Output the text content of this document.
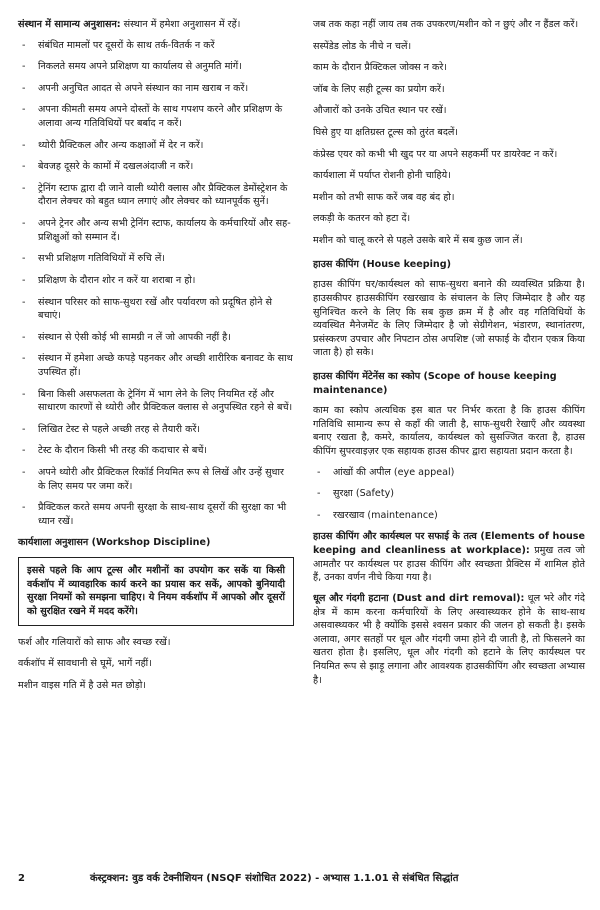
संस्थान में सामान्य अनुशासन: संस्थान में हमेशा अनुशासन में रहें।

- संबंधित मामलों पर दूसरों के साथ तर्क-वितर्क न करें
- निकलते समय अपने प्रशिक्षण या कार्यालय से अनुमति मांगें।
- अपनी अनुचित आदत से अपने संस्थान का नाम खराब न करें।
- अपना कीमती समय अपने दोस्तों के साथ गपशप करने और प्रशिक्षण के अलावा अन्य गतिविधियों पर बर्बाद न करें।
- थ्योरी प्रैक्टिकल और अन्य कक्षाओं में देर न करें।
- बेवजह दूसरे के कामों में दखलअंदाजी न करें।
- ट्रेनिंग स्टाफ द्वारा दी जाने वाली थ्योरी क्लास और प्रैक्टिकल डेमोंस्ट्रेशन के दौरान लेक्चर को बहुत ध्यान लगाएं और लेक्चर को ध्यानपूर्वक सुनें।
- अपने ट्रेनर और अन्य सभी ट्रेनिंग स्टाफ, कार्यालय के कर्मचारियों और सह-प्रशिक्षुओं को सम्मान दें।
- सभी प्रशिक्षण गतिविधियों में रुचि लें।
- प्रशिक्षण के दौरान शोर न करें या शराबा न हो।
- संस्थान परिसर को साफ-सुथरा रखें और पर्यावरण को प्रदूषित होने से बचाएं।
- संस्थान से ऐसी कोई भी सामग्री न लें जो आपकी नहीं है।
- संस्थान में हमेशा अच्छे कपड़े पहनकर और अच्छी शारीरिक बनावट के साथ उपस्थित हों।
- बिना किसी असफलता के ट्रेनिंग में भाग लेने के लिए नियमित रहें और साधारण कारणों से थ्योरी और प्रैक्टिकल क्लास से अनुपस्थित रहने से बचें।
- लिखित टेस्ट से पहले अच्छी तरह से तैयारी करें।
- टेस्ट के दौरान किसी भी तरह की कदाचार से बचें।
- अपने थ्योरी और प्रैक्टिकल रिकॉर्ड नियमित रूप से लिखें और उन्हें सुधार के लिए समय पर जमा करें।
- प्रैक्टिकल करते समय अपनी सुरक्षा के साथ-साथ दूसरों की सुरक्षा का भी ध्यान रखें।

कार्यशाला अनुशासन (Workshop Discipline)

इससे पहले कि आप टूल्स और मशीनों का उपयोग कर सकें या किसी वर्कशॉप में व्यावहारिक कार्य करने का प्रयास कर सकें, आपको बुनियादी सुरक्षा नियमों को समझना चाहिए। ये नियम वर्कशॉप में आपको और दूसरों को सुरक्षित रखने में मदद करेंगे।

फर्श और गलियारों को साफ और स्वच्छ रखें।

वर्कशॉप में सावधानी से घूमें, भागें नहीं।

मशीन वाइस गति में है उसे मत छोड़ो।

जब तक कहा नहीं जाय तब तक उपकरण/मशीन को न छुएं और न हैंडल करें।

सस्पेंडेड लोड के नीचे न चलें।

काम के दौरान प्रैक्टिकल जोक्स न करे।

जॉब के लिए सही टूल्स का प्रयोग करें।

औजारों को उनके उचित स्थान पर रखें।

घिसे हुए या क्षतिग्रस्त टूल्स को तुरंत बदलें।

कंप्रेस्ड एयर को कभी भी खुद पर या अपने सहकर्मी पर डायरेक्ट न करें।

कार्यशाला में पर्याप्त रोशनी होनी चाहिये।

मशीन को तभी साफ करें जब वह बंद हो।

लकड़ी के कतरन को हटा दें।

मशीन को चालू करने से पहले उसके बारे में सब कुछ जान लें।

हाउस कीपिंग (House keeping)

हाउस कीपिंग घर/कार्यस्थल को साफ-सुथरा बनाने की व्यवस्थित प्रक्रिया है। हाउसकीपर हाउसकीपिंग रखरखाव के संचालन के लिए जिम्मेदार है और यह सुनिश्चित करने के लिए कि सब कुछ क्रम में है और वह गतिविधियों के व्यवस्थित मैनेजमेंट के लिए जिम्मेदार है जो सेग्रीगेशन, भंडारण, स्थानांतरण, प्रसंस्करण उपचार और निपटान ठोस अपशिष्ट (जो सफाई के दौरान एकत्र किया जाता है) हो सके।

हाउस कीपिंग मेंटेनेंस का स्कोप (Scope of house keeping maintenance)

काम का स्कोप अत्यधिक इस बात पर निर्भर करता है कि हाउस कीपिंग गतिविधि सामान्य रूप से कहाँ की जाती है, साफ-सुथरी रेखाएँ और व्यवस्था बनाए रखता है, कमरे, कार्यालय, कार्यस्थल को सुसज्जित करता है, हाउस कीपिंग सुपरवाइज़र एक सहायक हाउस कीपर द्वारा सहायता प्रदान करता है।

- आंखों की अपील (eye appeal)
- सुरक्षा (Safety)
- रखरखाव (maintenance)

हाउस कीपिंग और कार्यस्थल पर सफाई के तत्व (Elements of house keeping and cleanliness at workplace): प्रमुख तत्व जो आमतौर पर कार्यस्थल पर हाउस कीपिंग और स्वच्छता प्रैक्टिस में शामिल होते हैं, उनका वर्णन नीचे किया गया है।

धूल और गंदगी हटाना (Dust and dirt removal): धूल भरे और गंदे क्षेत्र में काम करना कर्मचारियों के लिए अस्वास्थ्यकर होने के साथ-साथ असवास्थ्यकर भी है क्योंकि इससे श्वसन प्रकार की जलन हो सकती है। इसके अलावा, अगर सतहों पर धूल और गंदगी जमा होने दी जाती है, तो फिसलने का खतरा होता है। इसलिए, धूल और गंदगी को हटाने के लिए कार्यस्थल पर नियमित रूप से झाड़ू लगाना और आवश्यक हाउसकीपिंग और स्वच्छता अभ्यास है।

2	कंस्ट्रक्शन: वुड वर्क टेक्नीशियन (NSQF संशोधित 2022) - अभ्यास 1.1.01 से संबंधित सिद्धांत
